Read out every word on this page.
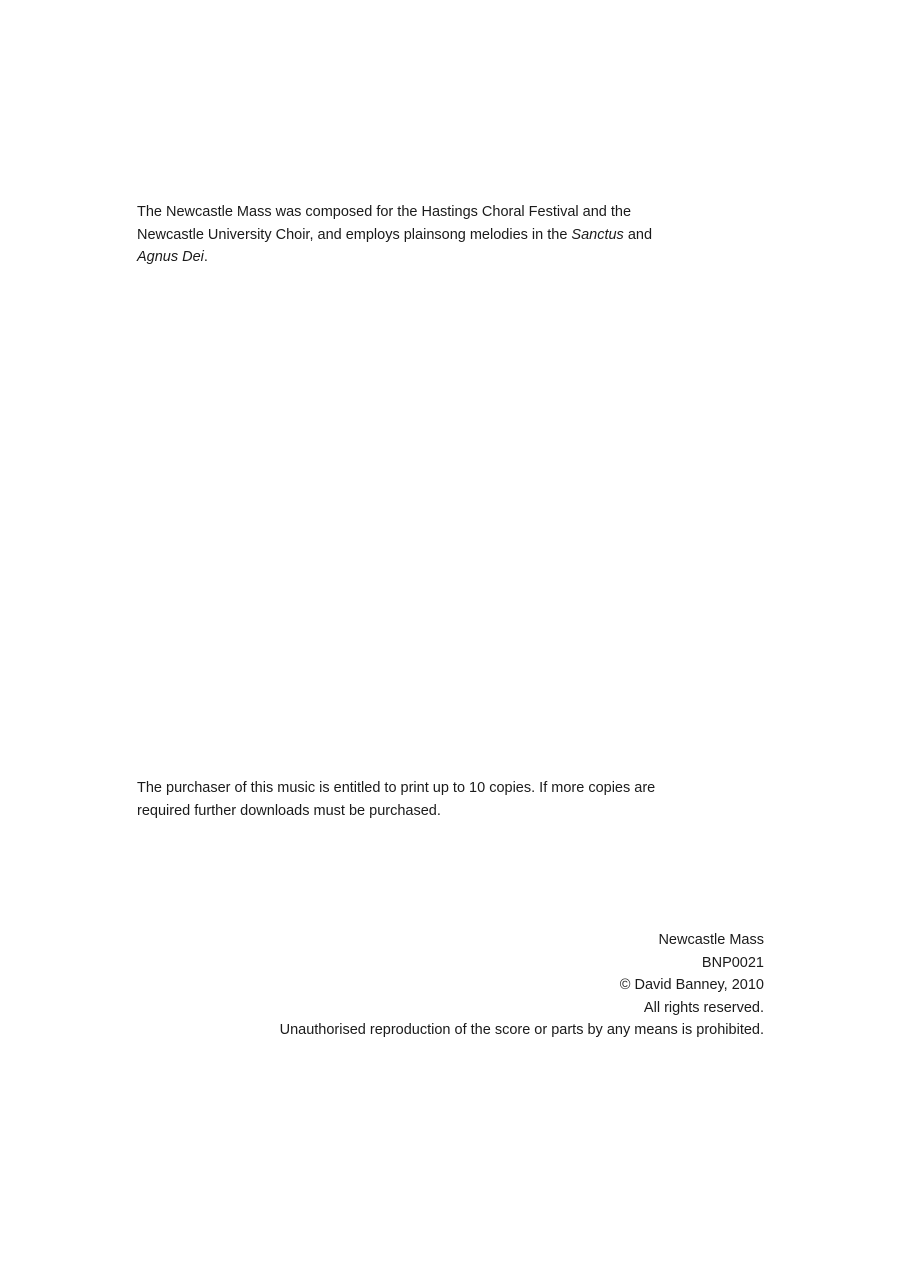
The Newcastle Mass was composed for the Hastings Choral Festival and the

Newcastle University Choir, and employs plainsong melodies in the Sanctus and

Agnus Dei.

The purchaser of this music is entitled to print up to 10 copies. If more copies are

required further downloads must be purchased.

Newcastle Mass
BNP0021
© David Banney, 2010
All rights reserved.
Unauthorised reproduction of the score or parts by any means is prohibited.
